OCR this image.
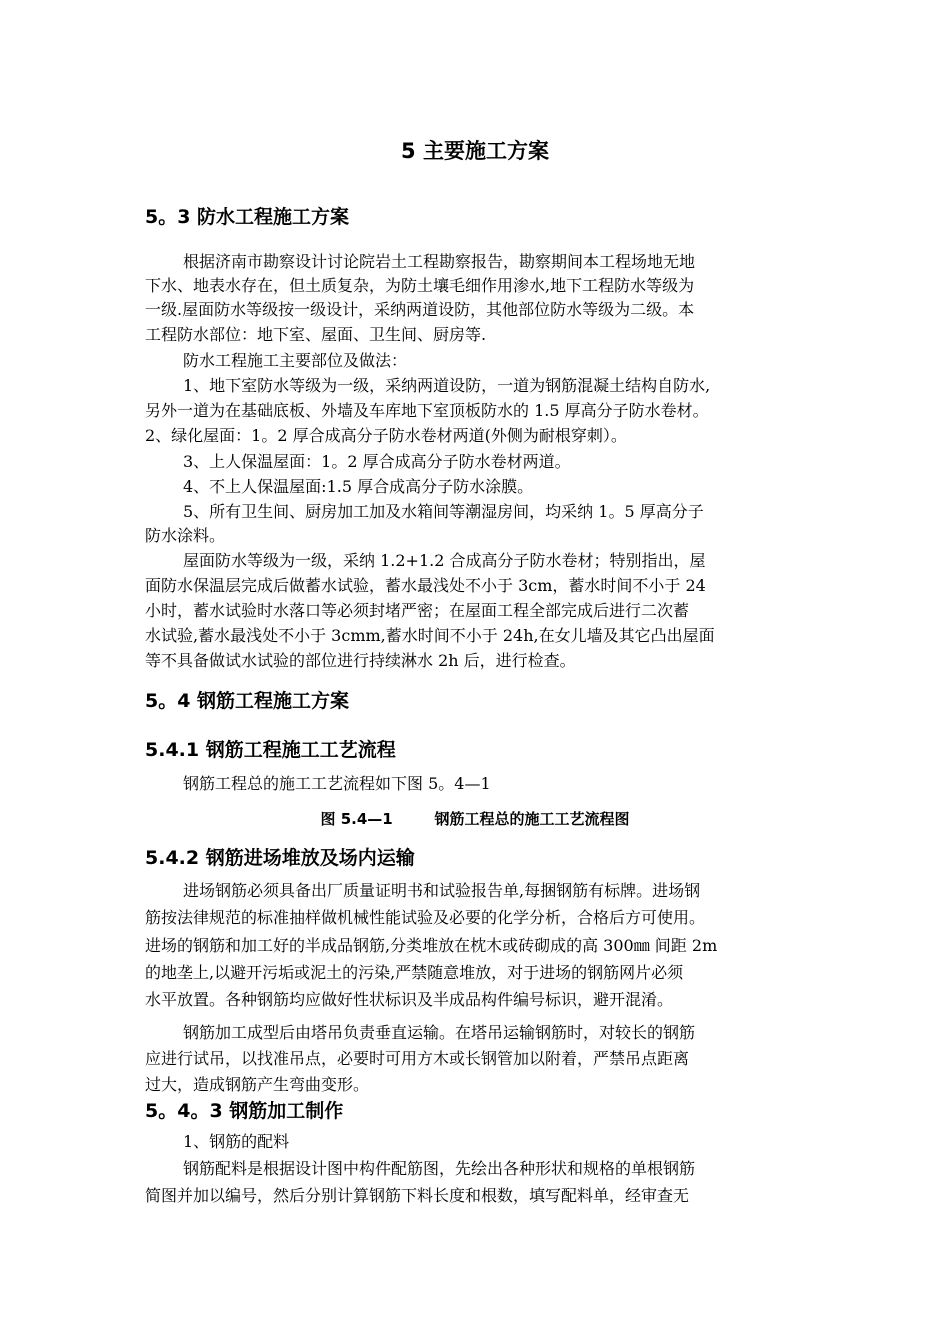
5 主要施工方案
5。3 防水工程施工方案
根据济南市勘察设计讨论院岩土工程勘察报告，勘察期间本工程场地无地
下水、地表水存在，但土质复杂，为防土壤毛细作用渗水,地下工程防水等级为
一级.屋面防水等级按一级设计，采纳两道设防，其他部位防水等级为二级。本
工程防水部位：地下室、屋面、卫生间、厨房等.
防水工程施工主要部位及做法：
1、地下室防水等级为一级，采纳两道设防，一道为钢筋混凝土结构自防水,
另外一道为在基础底板、外墙及车库地下室顶板防水的 1.5 厚高分子防水卷材。
2、绿化屋面：1。2 厚合成高分子防水卷材两道(外侧为耐根穿刺）。
3、上人保温屋面：1。2 厚合成高分子防水卷材两道。
4、不上人保温屋面:1.5 厚合成高分子防水涂膜。
5、所有卫生间、厨房加工加及水箱间等潮湿房间，均采纳 1。5 厚高分子
防水涂料。
屋面防水等级为一级，采纳 1.2+1.2 合成高分子防水卷材；特别指出，屋
面防水保温层完成后做蓄水试验，蓄水最浅处不小于 3cm，蓄水时间不小于 24
小时，蓄水试验时水落口等必须封堵严密；在屋面工程全部完成后进行二次蓄
水试验,蓄水最浅处不小于 3cmm,蓄水时间不小于 24h,在女儿墙及其它凸出屋面
等不具备做试水试验的部位进行持续淋水 2h 后，进行检查。
5。4 钢筋工程施工方案
5.4.1 钢筋工程施工工艺流程
钢筋工程总的施工工艺流程如下图 5。4—1
图 5.4—1        钢筋工程总的施工工艺流程图
5.4.2 钢筋进场堆放及场内运输
进场钢筋必须具备出厂质量证明书和试验报告单,每捆钢筋有标牌。进场钢
筋按法律规范的标准抽样做机械性能试验及必要的化学分析，合格后方可使用。
进场的钢筋和加工好的半成品钢筋,分类堆放在枕木或砖砌成的高 300㎜ 间距 2m
的地垄上,以避开污垢或泥土的污染,严禁随意堆放，对于进场的钢筋网片必须
水平放置。各种钢筋均应做好性状标识及半成品构件编号标识，避开混淆。
钢筋加工成型后由塔吊负责垂直运输。在塔吊运输钢筋时，对较长的钢筋
应进行试吊，以找准吊点，必要时可用方木或长钢管加以附着，严禁吊点距离
过大，造成钢筋产生弯曲变形。
5。4。3 钢筋加工制作
1、钢筋的配料
钢筋配料是根据设计图中构件配筋图，先绘出各种形状和规格的单根钢筋
简图并加以编号，然后分别计算钢筋下料长度和根数，填写配料单，经审查无
